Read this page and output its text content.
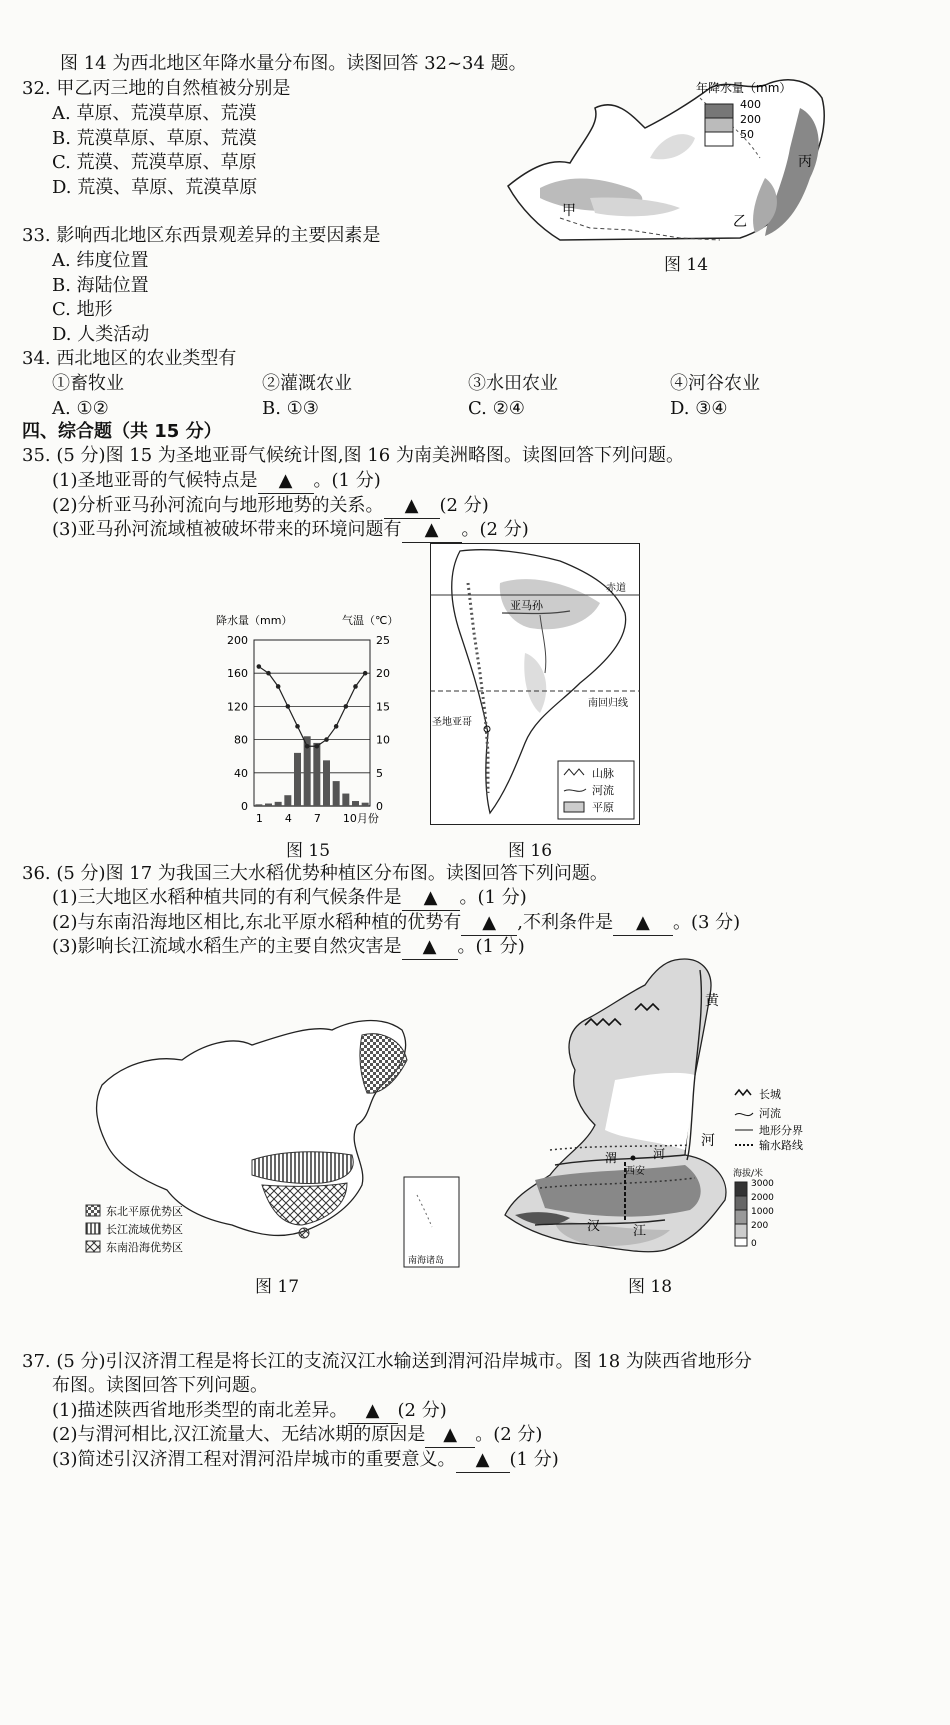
图 14 为西北地区年降水量分布图。读图回答 32~34 题。
32. 甲乙丙三地的自然植被分别是
A. 草原、荒漠草原、荒漠
B. 荒漠草原、草原、荒漠
C. 荒漠、荒漠草原、草原
D. 荒漠、草原、荒漠草原
33. 影响西北地区东西景观差异的主要因素是
A. 纬度位置
B. 海陆位置
C. 地形
D. 人类活动
34. 西北地区的农业类型有
①畜牧业	②灌溉农业	③水田农业	④河谷农业
A. ①②	B. ①③	C. ②④	D. ③④
甲
乙
丙
年降水量（mm）
400
200
50
图 14
四、综合题（共 15 分）
35. (5 分)图 15 为圣地亚哥气候统计图,图 16 为南美洲略图。读图回答下列问题。
(1)圣地亚哥的气候特点是 ▲ 。(1 分)
(2)分析亚马孙河流向与地形地势的关系。 ▲ (2 分)
(3)亚马孙河流域植被破坏带来的环境问题有 ▲ 。(2 分)
降水量（mm）	气温（℃）
0
40
80
120
160
200
0
5
10
15
20
25
1 4 7 10月份
图 15
赤道
南回归线
亚马孙
圣地亚哥
山脉
河流
平原
图 16
36. (5 分)图 17 为我国三大水稻优势种植区分布图。读图回答下列问题。
(1)三大地区水稻种植共同的有利气候条件是 ▲ 。(1 分)
(2)与东南沿海地区相比,东北平原水稻种植的优势有 ▲ ,不利条件是 ▲ 。(3 分)
(3)影响长江流域水稻生产的主要自然灾害是 ▲ 。(1 分)
南海诸岛
东北平原优势区
长江流域优势区
东南沿海优势区
图 17
黄
河
渭
西安
河
汉	江
长城
河流
地形分界
输水路线
海拔/米
3000
2000
1000
200
0
图 18
37. (5 分)引汉济渭工程是将长江的支流汉江水输送到渭河沿岸城市。图 18 为陕西省地形分
布图。读图回答下列问题。
(1)描述陕西省地形类型的南北差异。 ▲ (2 分)
(2)与渭河相比,汉江流量大、无结冰期的原因是 ▲ 。(2 分)
(3)简述引汉济渭工程对渭河沿岸城市的重要意义。 ▲ (1 分)
